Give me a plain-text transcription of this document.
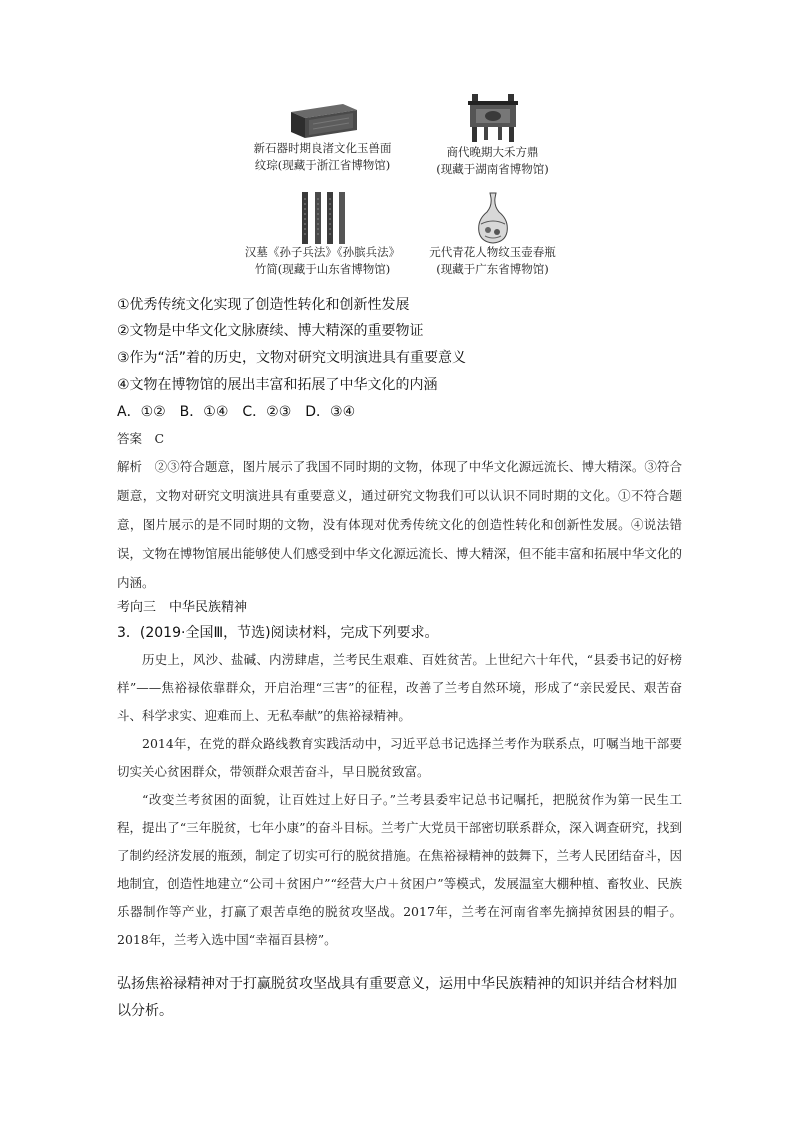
新石器时期良渚文化玉兽面
纹琮(现藏于浙江省博物馆)
商代晚期大禾方鼎
(现藏于湖南省博物馆)
汉墓《孙子兵法》《孙膑兵法》
竹简(现藏于山东省博物馆)
元代青花人物纹玉壶春瓶
(现藏于广东省博物馆)
①优秀传统文化实现了创造性转化和创新性发展
②文物是中华文化文脉赓续、博大精深的重要物证
③作为“活”着的历史，文物对研究文明演进具有重要意义
④文物在博物馆的展出丰富和拓展了中华文化的内涵
A．①②　B．①④　C．②③　D．③④
答案　C
解析　②③符合题意，图片展示了我国不同时期的文物，体现了中华文化源远流长、博大精深。③符合题意，文物对研究文明演进具有重要意义，通过研究文物我们可以认识不同时期的文化。①不符合题意，图片展示的是不同时期的文物，没有体现对优秀传统文化的创造性转化和创新性发展。④说法错误，文物在博物馆展出能够使人们感受到中华文化源远流长、博大精深，但不能丰富和拓展中华文化的内涵。
考向三　中华民族精神
3．(2019·全国Ⅲ，节选)阅读材料，完成下列要求。
历史上，风沙、盐碱、内涝肆虐，兰考民生艰难、百姓贫苦。上世纪六十年代，“县委书记的好榜样”——焦裕禄依靠群众，开启治理“三害”的征程，改善了兰考自然环境，形成了“亲民爱民、艰苦奋斗、科学求实、迎难而上、无私奉献”的焦裕禄精神。
2014年，在党的群众路线教育实践活动中，习近平总书记选择兰考作为联系点，叮嘱当地干部要切实关心贫困群众，带领群众艰苦奋斗，早日脱贫致富。
“改变兰考贫困的面貌，让百姓过上好日子。”兰考县委牢记总书记嘱托，把脱贫作为第一民生工程，提出了“三年脱贫，七年小康”的奋斗目标。兰考广大党员干部密切联系群众，深入调查研究，找到了制约经济发展的瓶颈，制定了切实可行的脱贫措施。在焦裕禄精神的鼓舞下，兰考人民团结奋斗，因地制宜，创造性地建立“公司＋贫困户”“经营大户＋贫困户”等模式，发展温室大棚种植、畜牧业、民族乐器制作等产业，打赢了艰苦卓绝的脱贫攻坚战。2017年，兰考在河南省率先摘掉贫困县的帽子。2018年，兰考入选中国“幸福百县榜”。
弘扬焦裕禄精神对于打赢脱贫攻坚战具有重要意义，运用中华民族精神的知识并结合材料加以分析。
